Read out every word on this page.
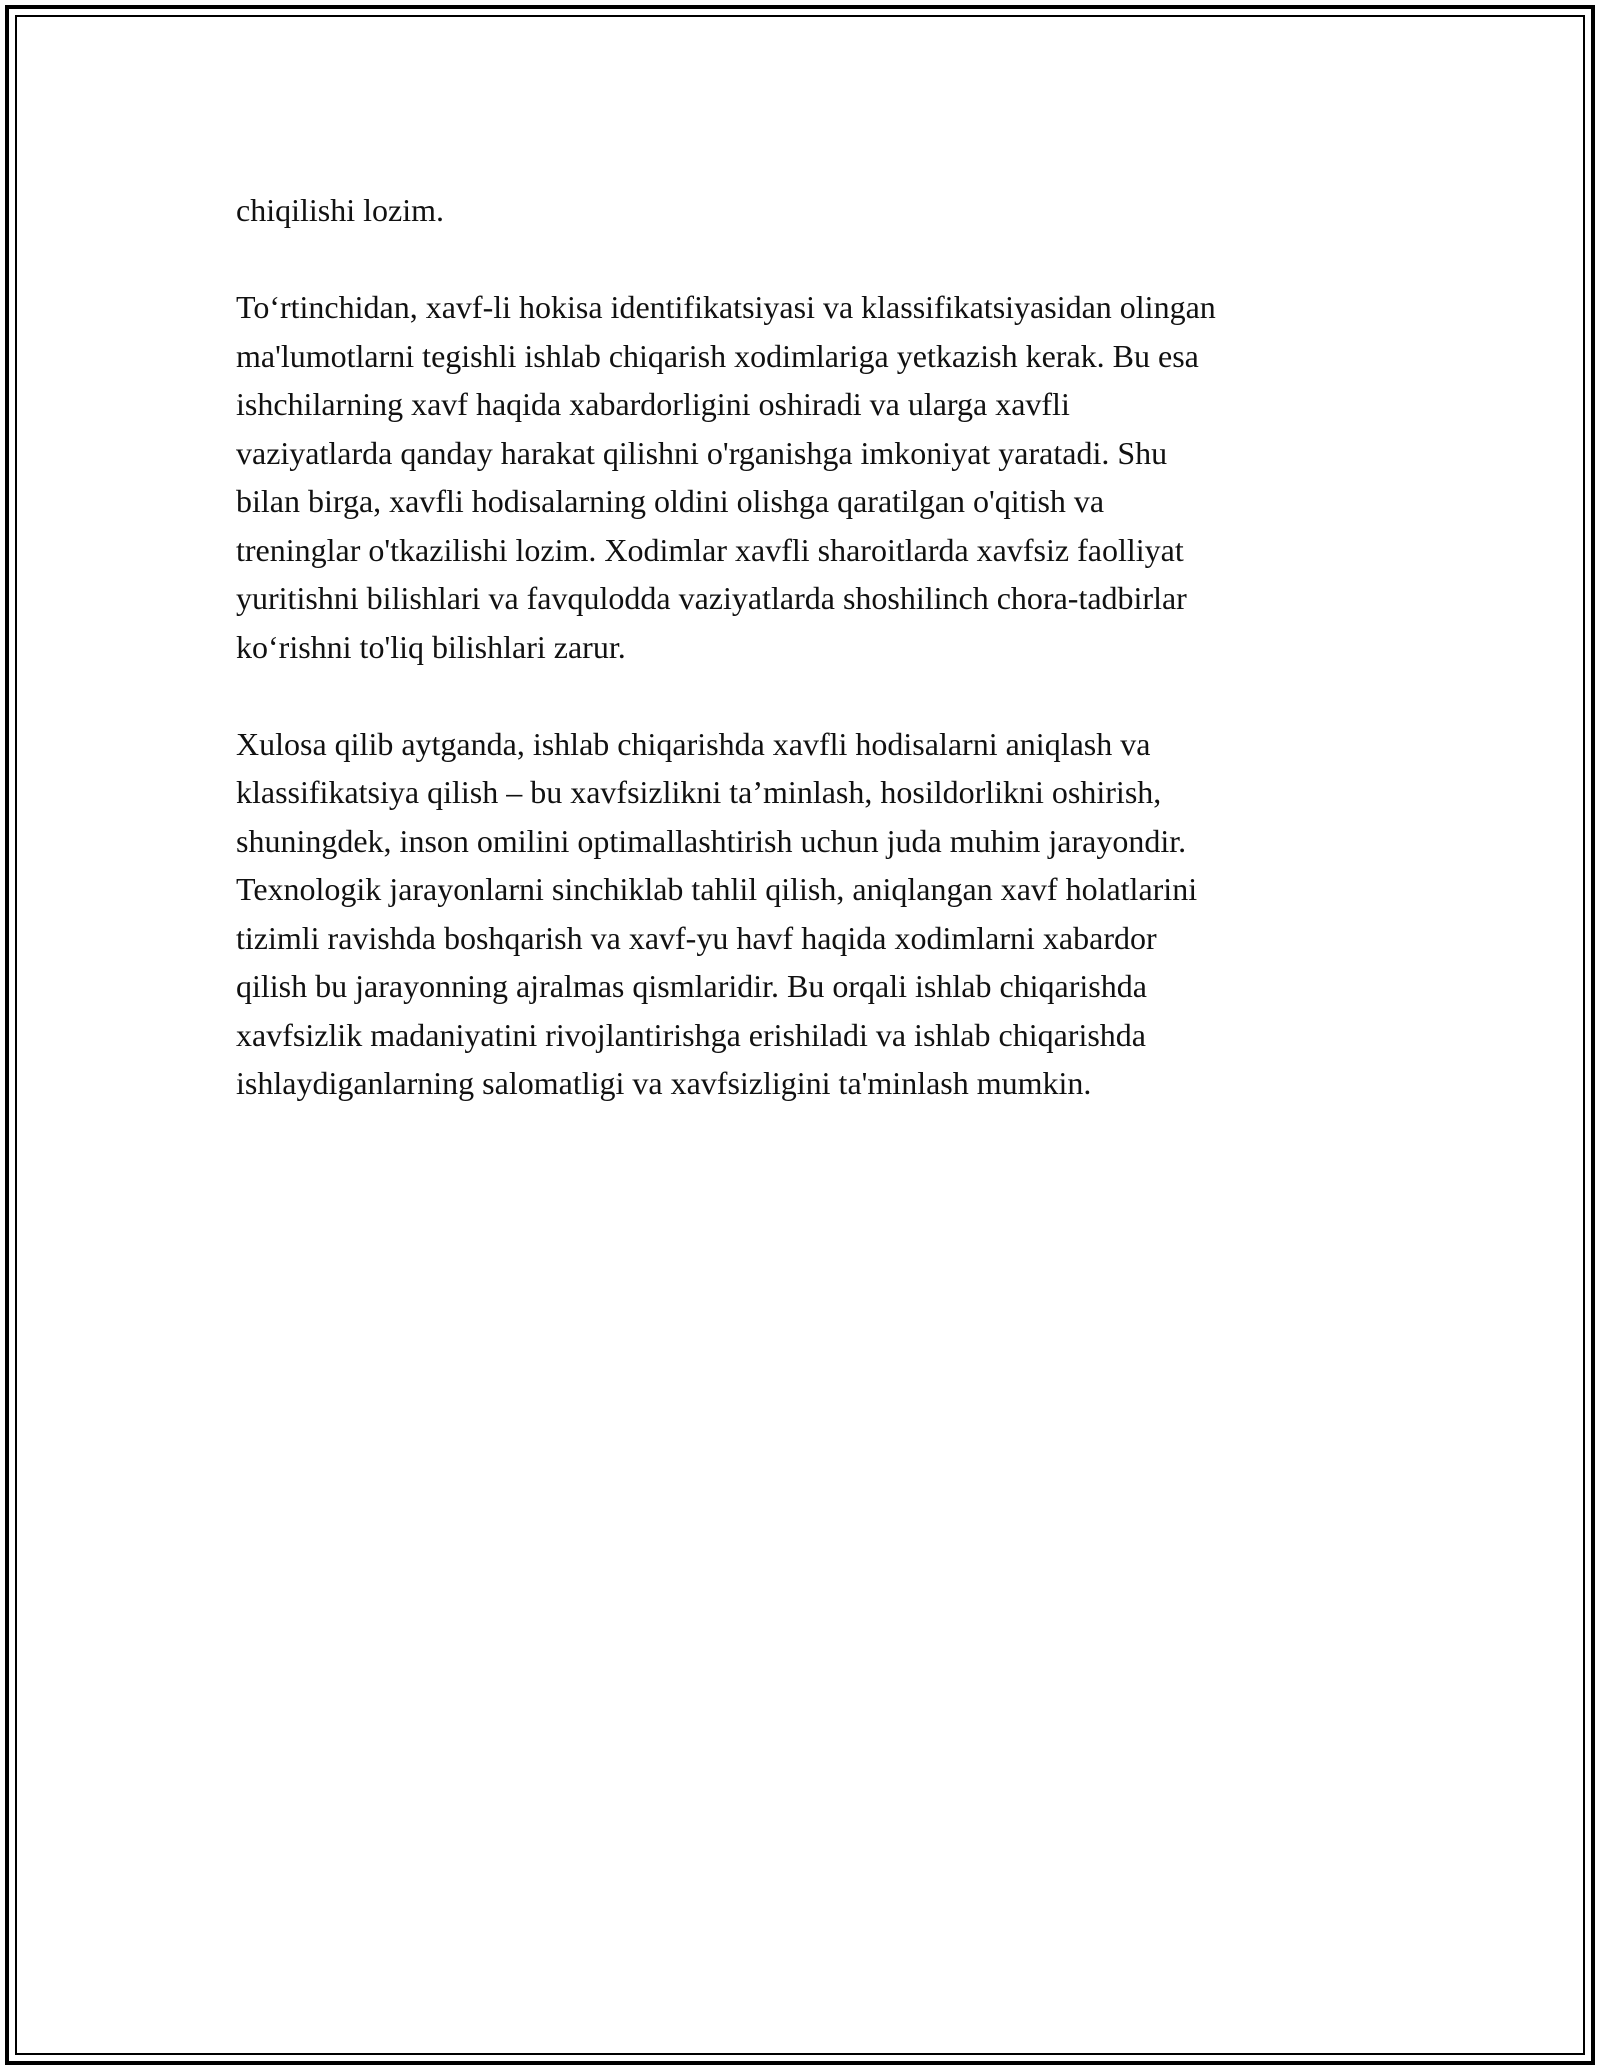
chiqilishi lozim.

To‘rtinchidan, xavf-li hokisa identifikatsiyasi va klassifikatsiyasidan olingan
ma'lumotlarni tegishli ishlab chiqarish xodimlariga yetkazish kerak. Bu esa
ishchilarning xavf haqida xabardorligini oshiradi va ularga xavfli
vaziyatlarda qanday harakat qilishni o'rganishga imkoniyat yaratadi. Shu
bilan birga, xavfli hodisalarning oldini olishga qaratilgan o'qitish va
treninglar o'tkazilishi lozim. Xodimlar xavfli sharoitlarda xavfsiz faolliyat
yuritishni bilishlari va favqulodda vaziyatlarda shoshilinch chora-tadbirlar
ko‘rishni to'liq bilishlari zarur.

Xulosa qilib aytganda, ishlab chiqarishda xavfli hodisalarni aniqlash va
klassifikatsiya qilish – bu xavfsizlikni ta’minlash, hosildorlikni oshirish,
shuningdek, inson omilini optimallashtirish uchun juda muhim jarayondir.
Texnologik jarayonlarni sinchiklab tahlil qilish, aniqlangan xavf holatlarini
tizimli ravishda boshqarish va xavf-yu havf haqida xodimlarni xabardor
qilish bu jarayonning ajralmas qismlaridir. Bu orqali ishlab chiqarishda
xavfsizlik madaniyatini rivojlantirishga erishiladi va ishlab chiqarishda
ishlaydiganlarning salomatligi va xavfsizligini ta'minlash mumkin.
